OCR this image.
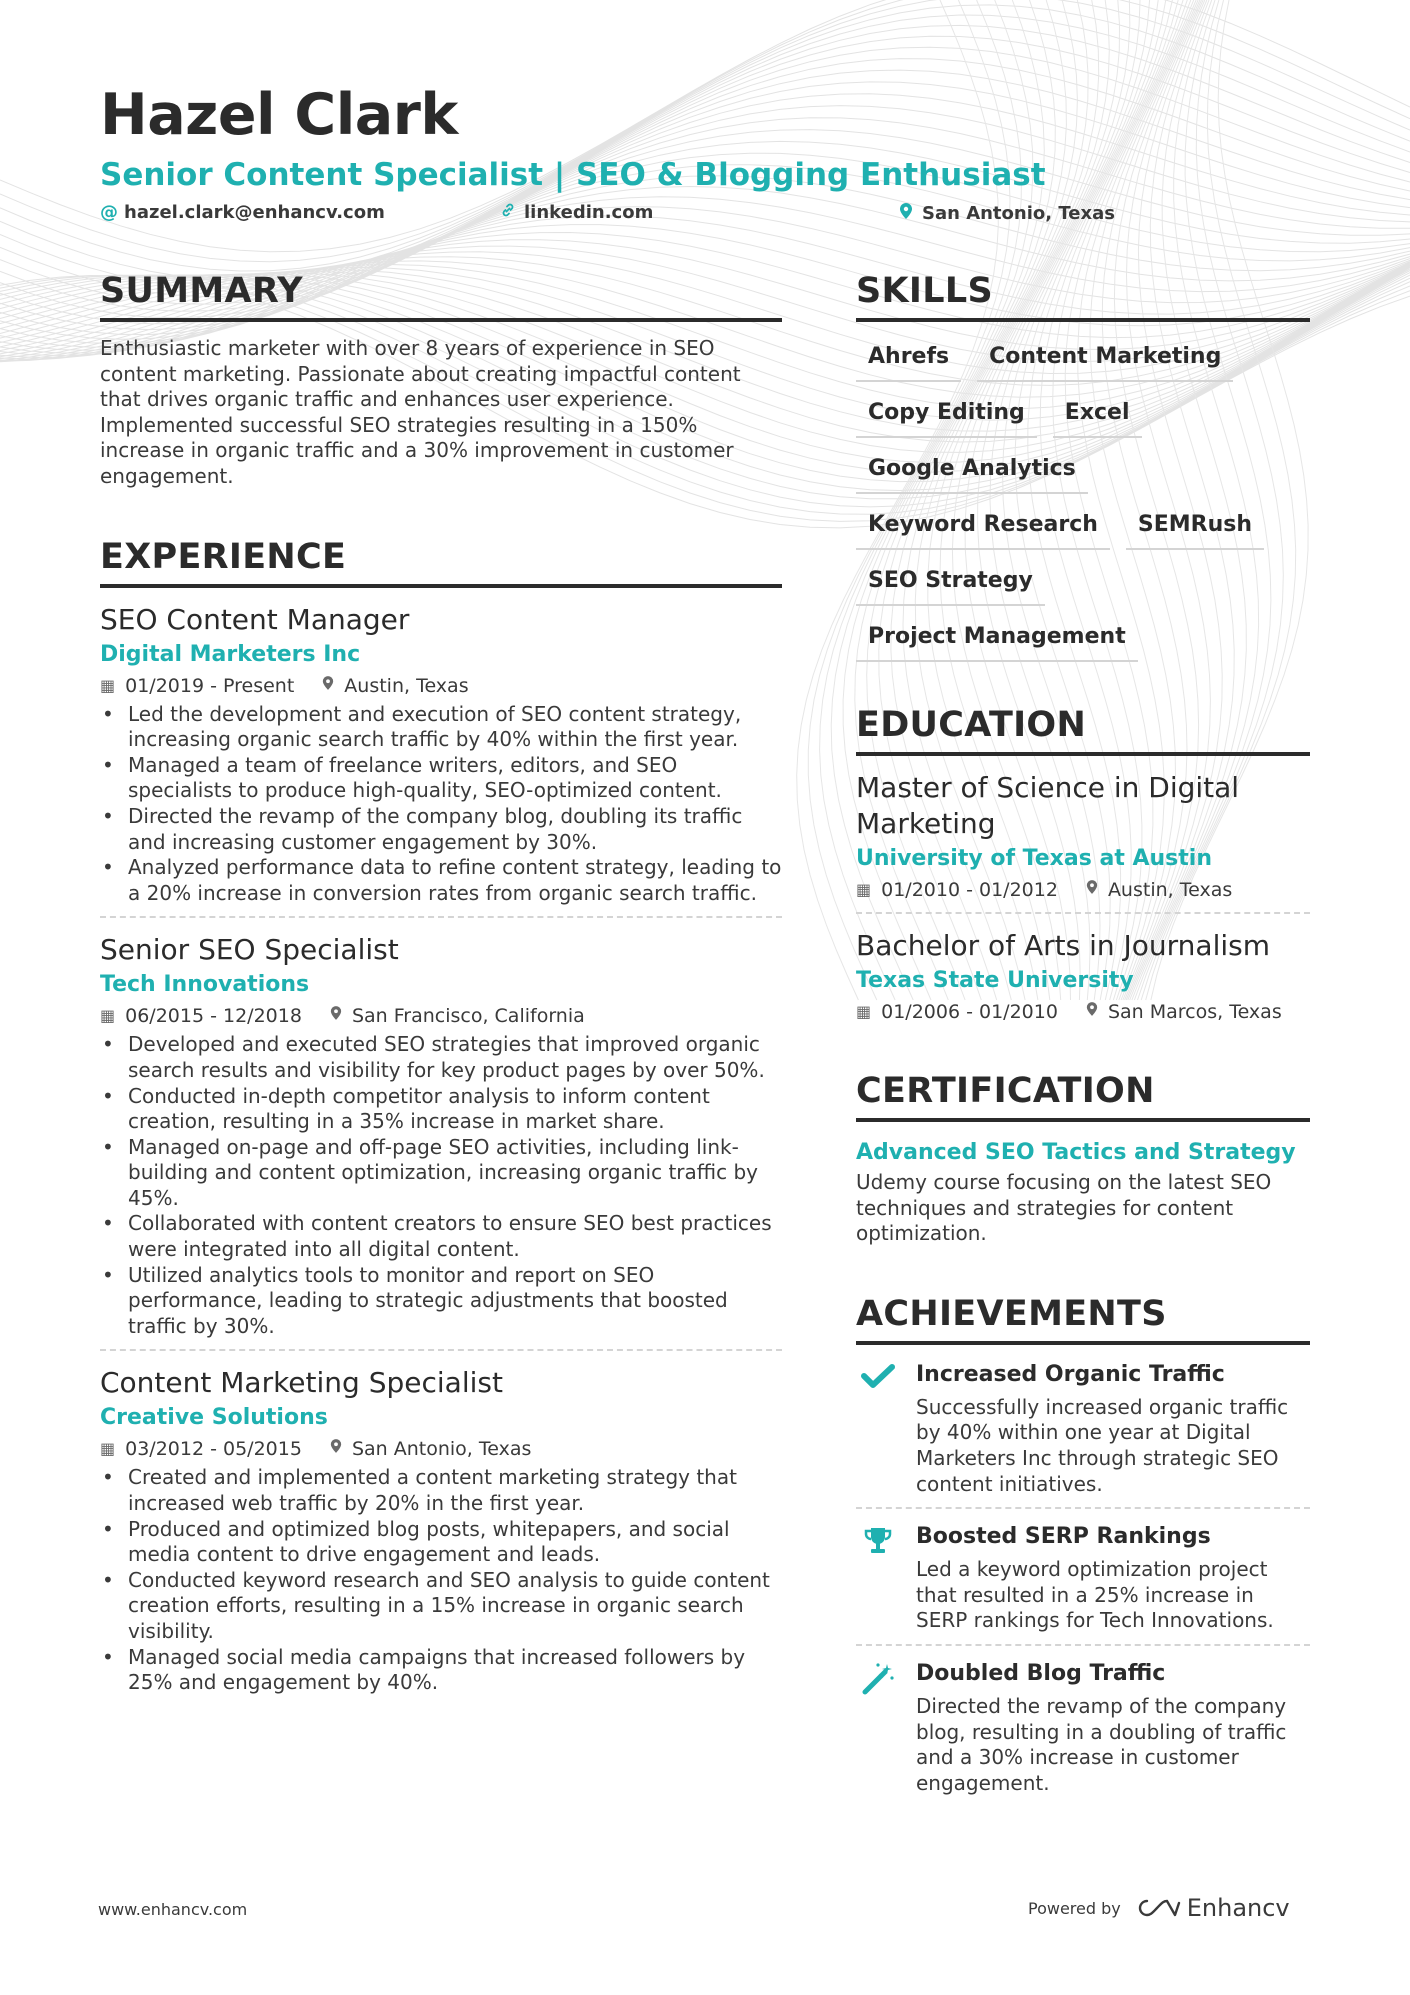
Hazel Clark

Senior Content Specialist | SEO & Blogging Enthusiast

@ hazel.clark@enhancv.com	linkedin.com	San Antonio, Texas
SUMMARY

Enthusiastic marketer with over 8 years of experience in SEO content marketing. Passionate about creating impactful content that drives organic traffic and enhances user experience. Implemented successful SEO strategies resulting in a 150% increase in organic traffic and a 30% improvement in customer engagement.

EXPERIENCE

SEO Content Manager

Digital Marketers Inc

▦ 01/2019 - Present	Austin, Texas
• Led the development and execution of SEO content strategy, increasing organic search traffic by 40% within the first year.
• Managed a team of freelance writers, editors, and SEO specialists to produce high-quality, SEO-optimized content.
• Directed the revamp of the company blog, doubling its traffic and increasing customer engagement by 30%.
• Analyzed performance data to refine content strategy, leading to a 20% increase in conversion rates from organic search traffic.

Senior SEO Specialist

Tech Innovations

▦ 06/2015 - 12/2018	San Francisco, California
• Developed and executed SEO strategies that improved organic search results and visibility for key product pages by over 50%.
• Conducted in-depth competitor analysis to inform content creation, resulting in a 35% increase in market share.
• Managed on-page and off-page SEO activities, including link-building and content optimization, increasing organic traffic by 45%.
• Collaborated with content creators to ensure SEO best practices were integrated into all digital content.
• Utilized analytics tools to monitor and report on SEO performance, leading to strategic adjustments that boosted traffic by 30%.

Content Marketing Specialist

Creative Solutions

▦ 03/2012 - 05/2015	San Antonio, Texas
• Created and implemented a content marketing strategy that increased web traffic by 20% in the first year.
• Produced and optimized blog posts, whitepapers, and social media content to drive engagement and leads.
• Conducted keyword research and SEO analysis to guide content creation efforts, resulting in a 15% increase in organic search visibility.
• Managed social media campaigns that increased followers by 25% and engagement by 40%.
SKILLS
Ahrefs	Content Marketing
Copy Editing	Excel
Google Analytics
Keyword Research	SEMRush
SEO Strategy
Project Management
EDUCATION

Master of Science in Digital Marketing

University of Texas at Austin

▦ 01/2010 - 01/2012	Austin, Texas

Bachelor of Arts in Journalism

Texas State University

▦ 01/2006 - 01/2010	San Marcos, Texas
CERTIFICATION

Advanced SEO Tactics and Strategy

Udemy course focusing on the latest SEO techniques and strategies for content optimization.

ACHIEVEMENTS

Increased Organic Traffic

Successfully increased organic traffic by 40% within one year at Digital Marketers Inc through strategic SEO content initiatives.

Boosted SERP Rankings

Led a keyword optimization project that resulted in a 25% increase in SERP rankings for Tech Innovations.

Doubled Blog Traffic

Directed the revamp of the company blog, resulting in a doubling of traffic and a 30% increase in customer engagement.

www.enhancv.com	Powered by	Enhancv
